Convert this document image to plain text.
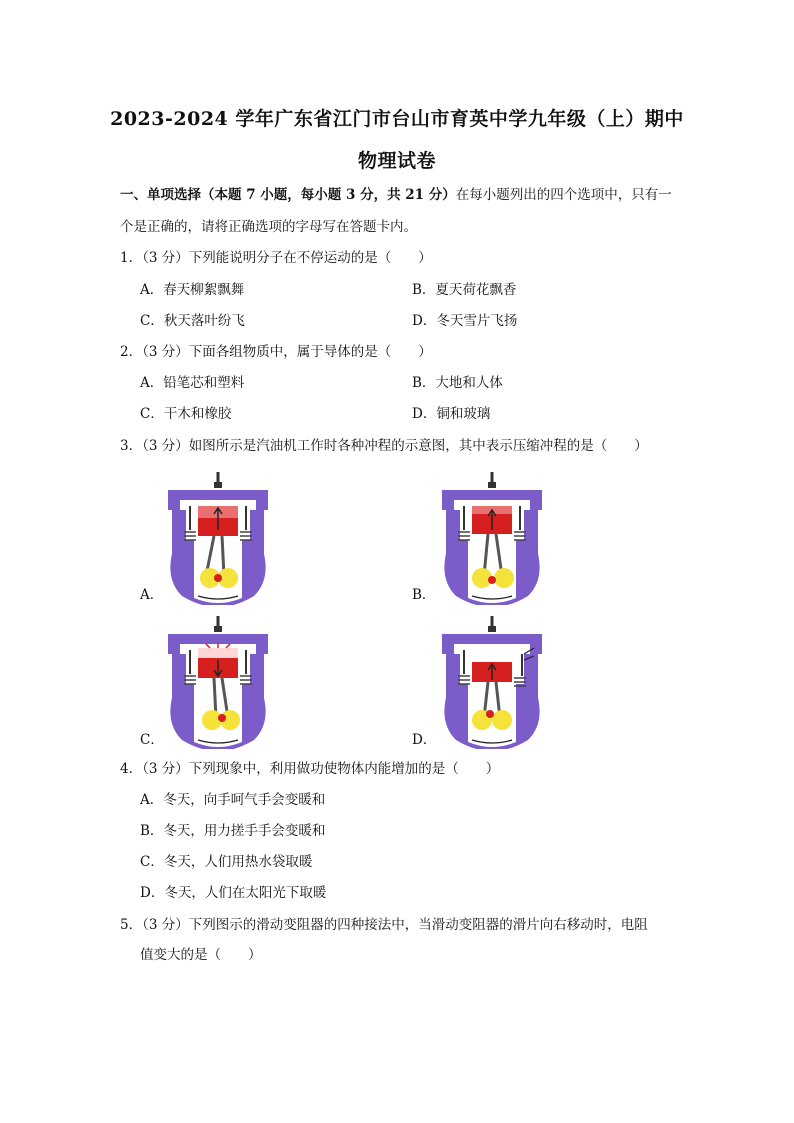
2023-2024 学年广东省江门市台山市育英中学九年级（上）期中
物理试卷
一、单项选择（本题 7 小题，每小题 3 分，共 21 分）在每小题列出的四个选项中，只有一
个是正确的，请将正确选项的字母写在答题卡内。
1．（3 分）下列能说明分子在不停运动的是（　　）
A．春天柳絮飘舞	B．夏天荷花飘香
C．秋天落叶纷飞	D．冬天雪片飞扬
2．（3 分）下面各组物质中，属于导体的是（　　）
A．铅笔芯和塑料	B．大地和人体
C．干木和橡胶	D．铜和玻璃
3．（3 分）如图所示是汽油机工作时各种冲程的示意图，其中表示压缩冲程的是（　　）
A．	B．
C．	D．
4．（3 分）下列现象中，利用做功使物体内能增加的是（　　）
A．冬天，向手呵气手会变暖和
B．冬天，用力搓手手会变暖和
C．冬天，人们用热水袋取暖
D．冬天，人们在太阳光下取暖
5．（3 分）下列图示的滑动变阻器的四种接法中，当滑动变阻器的滑片向右移动时，电阻
值变大的是（　　）
